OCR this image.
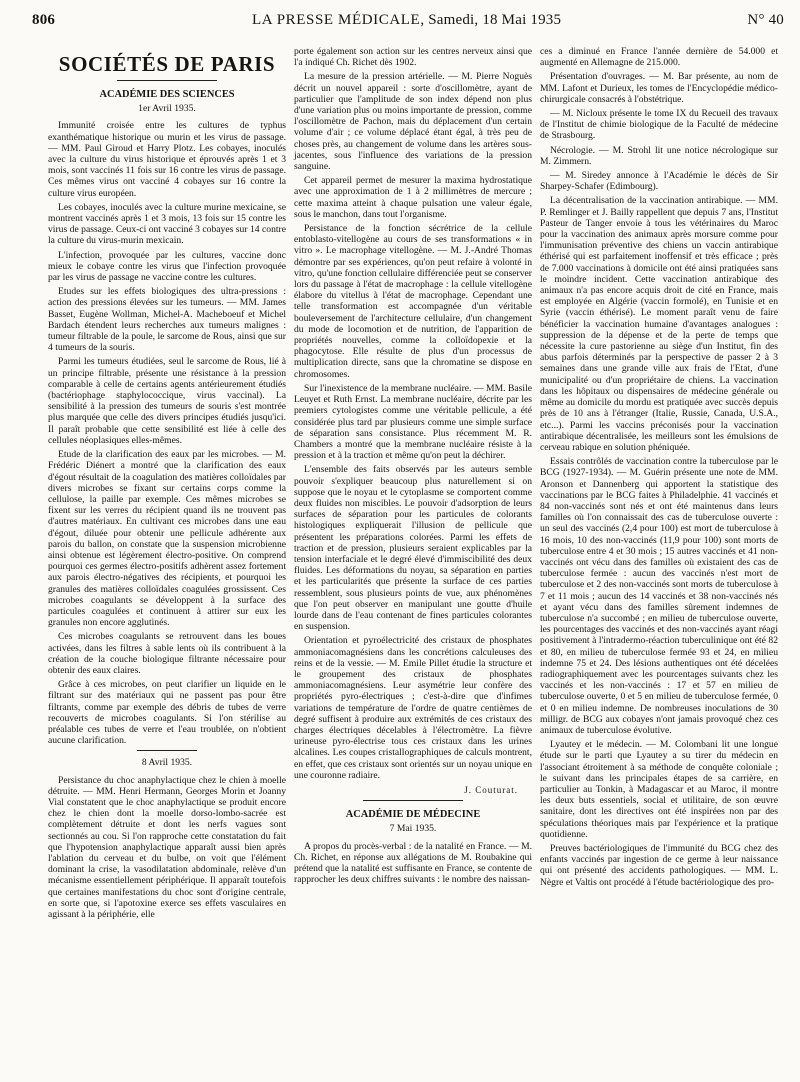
806	LA PRESSE MÉDICALE, Samedi, 18 Mai 1935	N° 40
SOCIÉTÉS DE PARIS
ACADÉMIE DES SCIENCES
1er Avril 1935.

Immunité croisée entre les cultures de typhus exanthématique historique ou murin et les virus de passage. — MM. Paul Giroud et Harry Plotz. Les cobayes, inoculés avec la culture du virus historique et éprouvés après 1 et 3 mois, sont vaccinés 11 fois sur 16 contre les virus de passage. Ces mêmes virus ont vacciné 4 cobayes sur 16 contre la culture virus européen.

Les cobayes, inoculés avec la culture murine mexicaine, se montrent vaccinés après 1 et 3 mois, 13 fois sur 15 contre les virus de passage. Ceux-ci ont vacciné 3 cobayes sur 14 contre la culture du virus-murin mexicain.

L'infection, provoquée par les cultures, vaccine donc mieux le cobaye contre les virus que l'infection provoquée par les virus de passage ne vaccine contre les cultures.

Etudes sur les effets biologiques des ultra-pressions : action des pressions élevées sur les tumeurs. — MM. James Basset, Eugène Wollman, Michel-A. Macheboeuf et Michel Bardach étendent leurs recherches aux tumeurs malignes : tumeur filtrable de la poule, le sarcome de Rous, ainsi que sur 4 tumeurs de la souris.

Parmi les tumeurs étudiées, seul le sarcome de Rous, lié à un principe filtrable, présente une résistance à la pression comparable à celle de certains agents antérieurement étudiés (bactériophage staphylococcique, virus vaccinal). La sensibilité à la pression des tumeurs de souris s'est montrée plus marquée que celle des divers principes étudiés jusqu'ici. Il paraît probable que cette sensibilité est liée à celle des cellules néoplasiques elles-mêmes.

Etude de la clarification des eaux par les microbes. — M. Frédéric Diénert a montré que la clarification des eaux d'égout résultait de la coagulation des matières colloïdales par divers microbes se fixant sur certains corps comme la cellulose, la paille par exemple. Ces mêmes microbes se fixent sur les verres du récipient quand ils ne trouvent pas d'autres matériaux. En cultivant ces microbes dans une eau d'égout, diluée pour obtenir une pellicule adhérente aux parois du ballon, on constate que la suspension microbienne ainsi obtenue est légèrement électro-positive. On comprend pourquoi ces germes électro-positifs adhèrent assez fortement aux parois électro-négatives des récipients, et pourquoi les granules des matières colloïdales coagulées grossissent. Ces microbes coagulants se développent à la surface des particules coagulées et continuent à attirer sur eux les granules non encore agglutinés.

Ces microbes coagulants se retrouvent dans les boues activées, dans les filtres à sable lents où ils contribuent à la création de la couche biologique filtrante nécessaire pour obtenir des eaux claires.

Grâce à ces microbes, on peut clarifier un liquide en le filtrant sur des matériaux qui ne passent pas pour être filtrants, comme par exemple des débris de tubes de verre recouverts de microbes coagulants. Si l'on stérilise au préalable ces tubes de verre et l'eau troublée, on n'obtient aucune clarification.

8 Avril 1935.

Persistance du choc anaphylactique chez le chien à moelle détruite. — MM. Henri Hermann, Georges Morin et Joanny Vial constatent que le choc anaphylactique se produit encore chez le chien dont la moelle dorso-lombo-sacrée est complètement détruite et dont les nerfs vagues sont sectionnés au cou. Si l'on rapproche cette constatation du fait que l'hypotension anaphylactique apparaît aussi bien après l'ablation du cerveau et du bulbe, on voit que l'élément dominant la crise, la vasodilatation abdominale, relève d'un mécanisme essentiellement périphérique. Il apparaît toutefois que certaines manifestations du choc sont d'origine centrale, en sorte que, si l'apotoxine exerce ses effets vasculaires en agissant à la périphérie, elle

porte également son action sur les centres nerveux ainsi que l'a indiqué Ch. Richet dès 1902.

La mesure de la pression artérielle. — M. Pierre Noguès décrit un nouvel appareil : sorte d'oscillomètre, ayant de particulier que l'amplitude de son index dépend non plus d'une variation plus ou moins importante de pression, comme l'oscillomètre de Pachon, mais du déplacement d'un certain volume d'air ; ce volume déplacé étant égal, à très peu de choses près, au changement de volume dans les artères sous-jacentes, sous l'influence des variations de la pression sanguine.

Cet appareil permet de mesurer la maxima hydrostatique avec une approximation de 1 à 2 millimètres de mercure ; cette maxima atteint à chaque pulsation une valeur égale, sous le manchon, dans tout l'organisme.

Persistance de la fonction sécrétrice de la cellule entoblasto-vitellogène au cours de ses transformations « in vitro ». Le macrophage vitellogène. — M. J.-André Thomas démontre par ses expériences, qu'on peut refaire à volonté in vitro, qu'une fonction cellulaire différenciée peut se conserver lors du passage à l'état de macrophage : la cellule vitellogène élabore du vitellus à l'état de macrophage. Cependant une telle transformation est accompagnée d'un véritable bouleversement de l'architecture cellulaire, d'un changement du mode de locomotion et de nutrition, de l'apparition de propriétés nouvelles, comme la colloïdopexie et la phagocytose. Elle résulte de plus d'un processus de multiplication directe, sans que la chromatine se dispose en chromosomes.

Sur l'inexistence de la membrane nucléaire. — MM. Basile Leuyet et Ruth Ernst. La membrane nucléaire, décrite par les premiers cytologistes comme une véritable pellicule, a été considérée plus tard par plusieurs comme une simple surface de séparation sans consistance. Plus récemment M. R. Chambers a montré que la membrane nucléaire résiste à la pression et à la traction et même qu'on peut la déchirer.

L'ensemble des faits observés par les auteurs semble pouvoir s'expliquer beaucoup plus naturellement si on suppose que le noyau et le cytoplasme se comportent comme deux fluides non miscibles. Le pouvoir d'adsorption de leurs surfaces de séparation pour les particules de colorants histologiques expliquerait l'illusion de pellicule que présentent les préparations colorées. Parmi les effets de traction et de pression, plusieurs seraient explicables par la tension interfaciale et le degré élevé d'immiscibilité des deux fluides. Les déformations du noyau, sa séparation en parties et les particularités que présente la surface de ces parties ressemblent, sous plusieurs points de vue, aux phénomènes que l'on peut observer en manipulant une goutte d'huile lourde dans de l'eau contenant de fines particules colorantes en suspension.

Orientation et pyroélectricité des cristaux de phosphates ammoniacomagnésiens dans les concrétions calculeuses des reins et de la vessie. — M. Emile Pillet étudie la structure et le groupement des cristaux de phosphates ammoniacomagnésiens. Leur asymétrie leur confère des propriétés pyro-électriques ; c'est-à-dire que d'infimes variations de température de l'ordre de quatre centièmes de degré suffisent à produire aux extrémités de ces cristaux des charges électriques décelables à l'électromètre. La fièvre urineuse pyro-électrise tous ces cristaux dans les urines alcalines. Les coupes cristallographiques de calculs montrent, en effet, que ces cristaux sont orientés sur un noyau unique en une couronne radiaire.

J. Couturat.
ACADÉMIE DE MÉDECINE
7 Mai 1935.

A propos du procès-verbal : de la natalité en France. — M. Ch. Richet, en réponse aux allégations de M. Roubakine qui prétend que la natalité est suffisante en France, se contente de rapprocher les deux chiffres suivants : le nombre des naissan-

ces a diminué en France l'année dernière de 54.000 et augmenté en Allemagne de 215.000.

Présentation d'ouvrages. — M. Bar présente, au nom de MM. Lafont et Durieux, les tomes de l'Encyclopédie médico-chirurgicale consacrés à l'obstétrique.

— M. Nicloux présente le tome IX du Recueil des travaux de l'Institut de chimie biologique de la Faculté de médecine de Strasbourg.

Nécrologie. — M. Strohl lit une notice nécrologique sur M. Zimmern.

— M. Siredey annonce à l'Académie le décès de Sir Sharpey-Schafer (Edimbourg).

La décentralisation de la vaccination antirabique. — MM. P. Remlinger et J. Bailly rappellent que depuis 7 ans, l'Institut Pasteur de Tanger envoie à tous les vétérinaires du Maroc pour la vaccination des animaux après morsure comme pour l'immunisation préventive des chiens un vaccin antirabique éthérisé qui est parfaitement inoffensif et très efficace ; près de 7.000 vaccinations à domicile ont été ainsi pratiquées sans le moindre incident. Cette vaccination antirabique des animaux n'a pas encore acquis droit de cité en France, mais est employée en Algérie (vaccin formolé), en Tunisie et en Syrie (vaccin éthérisé). Le moment paraît venu de faire bénéficier la vaccination humaine d'avantages analogues : suppression de la dépense et de la perte de temps que nécessite la cure pastorienne au siège d'un Institut, fin des abus parfois déterminés par la perspective de passer 2 à 3 semaines dans une grande ville aux frais de l'Etat, d'une municipalité ou d'un propriétaire de chiens. La vaccination dans les hôpitaux ou dispensaires de médecine générale ou même au domicile du mordu est pratiquée avec succès depuis près de 10 ans à l'étranger (Italie, Russie, Canada, U.S.A., etc...). Parmi les vaccins préconisés pour la vaccination antirabique décentralisée, les meilleurs sont les émulsions de cerveau rabique en solution phéniquée.

Essais contrôlés de vaccination contre la tuberculose par le BCG (1927-1934). — M. Guérin présente une note de MM. Aronson et Dannenberg qui apportent la statistique des vaccinations par le BCG faites à Philadelphie. 41 vaccinés et 84 non-vaccinés sont nés et ont été maintenus dans leurs familles où l'on connaissait des cas de tuberculose ouverte : un seul des vaccinés (2,4 pour 100) est mort de tuberculose à 16 mois, 10 des non-vaccinés (11,9 pour 100) sont morts de tuberculose entre 4 et 30 mois ; 15 autres vaccinés et 41 non-vaccinés ont vécu dans des familles où existaient des cas de tuberculose fermée : aucun des vaccinés n'est mort de tuberculose et 2 des non-vaccinés sont morts de tuberculose à 7 et 11 mois ; aucun des 14 vaccinés et 38 non-vaccinés nés et ayant vécu dans des familles sûrement indemnes de tuberculose n'a succombé ; en milieu de tuberculose ouverte, les pourcentages des vaccinés et des non-vaccinés ayant réagi positivement à l'intradermo-réaction tuberculinique ont été 82 et 80, en milieu de tuberculose fermée 93 et 24, en milieu indemne 75 et 24. Des lésions authentiques ont été décelées radiographiquement avec les pourcentages suivants chez les vaccinés et les non-vaccinés : 17 et 57 en milieu de tuberculose ouverte, 0 et 5 en milieu de tuberculose fermée, 0 et 0 en milieu indemne. De nombreuses inoculations de 30 milligr. de BCG aux cobayes n'ont jamais provoqué chez ces animaux de tuberculose évolutive.

Lyautey et le médecin. — M. Colombani lit une longue étude sur le parti que Lyautey a su tirer du médecin en l'associant étroitement à sa méthode de conquête coloniale ; le suivant dans les principales étapes de sa carrière, en particulier au Tonkin, à Madagascar et au Maroc, il montre les deux buts essentiels, social et utilitaire, de son œuvre sanitaire, dont les directives ont été inspirées non par des spéculations théoriques mais par l'expérience et la pratique quotidienne.

Preuves bactériologiques de l'immunité du BCG chez des enfants vaccinés par ingestion de ce germe à leur naissance qui ont présenté des accidents pathologiques. — MM. L. Nègre et Valtis ont procédé à l'étude bactériologique des pro-
